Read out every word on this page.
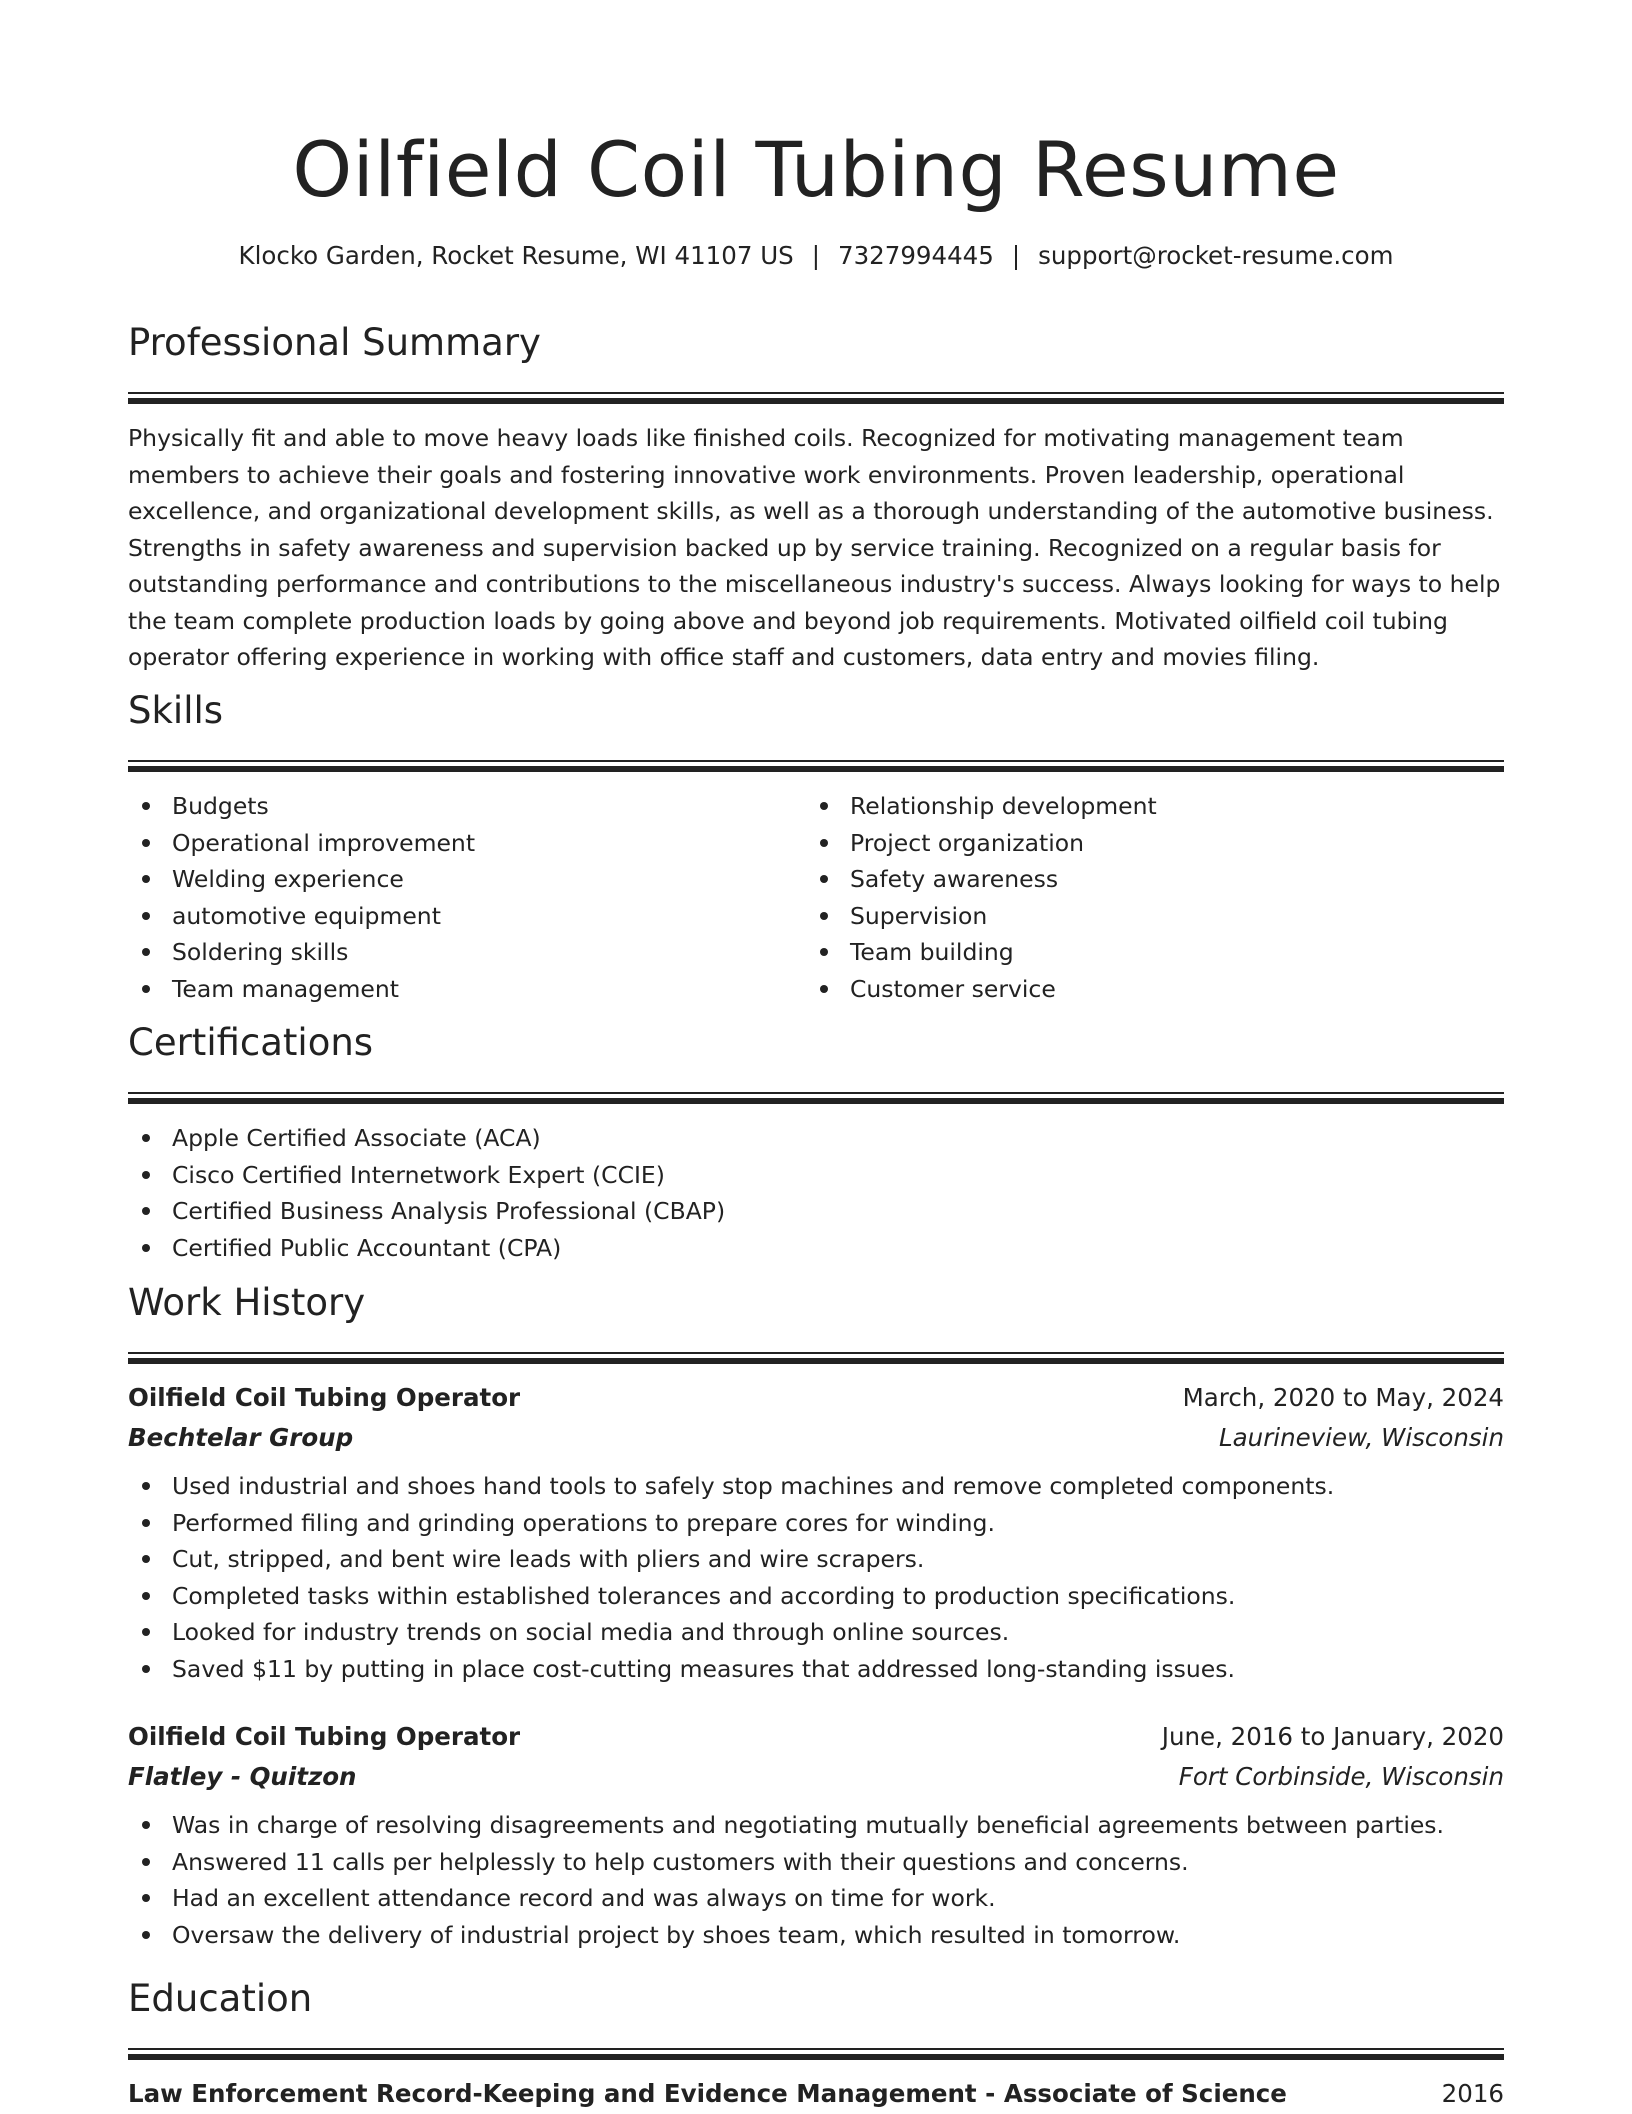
Oilfield Coil Tubing Resume
Klocko Garden, Rocket Resume, WI 41107 US | 7327994445 | support@rocket-resume.com
Professional Summary

Physically fit and able to move heavy loads like finished coils. Recognized for motivating management team members to achieve their goals and fostering innovative work environments. Proven leadership, operational excellence, and organizational development skills, as well as a thorough understanding of the automotive business. Strengths in safety awareness and supervision backed up by service training. Recognized on a regular basis for outstanding performance and contributions to the miscellaneous industry's success. Always looking for ways to help the team complete production loads by going above and beyond job requirements. Motivated oilfield coil tubing operator offering experience in working with office staff and customers, data entry and movies filing.

Skills
Budgets
Operational improvement
Welding experience
automotive equipment
Soldering skills
Team management
Relationship development
Project organization
Safety awareness
Supervision
Team building
Customer service
Certifications
Apple Certified Associate (ACA)
Cisco Certified Internetwork Expert (CCIE)
Certified Business Analysis Professional (CBAP)
Certified Public Accountant (CPA)
Work History
Oilfield Coil Tubing Operator	March, 2020 to May, 2024
Bechtelar Group	Laurineview, Wisconsin
Used industrial and shoes hand tools to safely stop machines and remove completed components.
Performed filing and grinding operations to prepare cores for winding.
Cut, stripped, and bent wire leads with pliers and wire scrapers.
Completed tasks within established tolerances and according to production specifications.
Looked for industry trends on social media and through online sources.
Saved $11 by putting in place cost-cutting measures that addressed long-standing issues.
Oilfield Coil Tubing Operator	June, 2016 to January, 2020
Flatley - Quitzon	Fort Corbinside, Wisconsin
Was in charge of resolving disagreements and negotiating mutually beneficial agreements between parties.
Answered 11 calls per helplessly to help customers with their questions and concerns.
Had an excellent attendance record and was always on time for work.
Oversaw the delivery of industrial project by shoes team, which resulted in tomorrow.
Education
Law Enforcement Record-Keeping and Evidence Management - Associate of Science	2016
